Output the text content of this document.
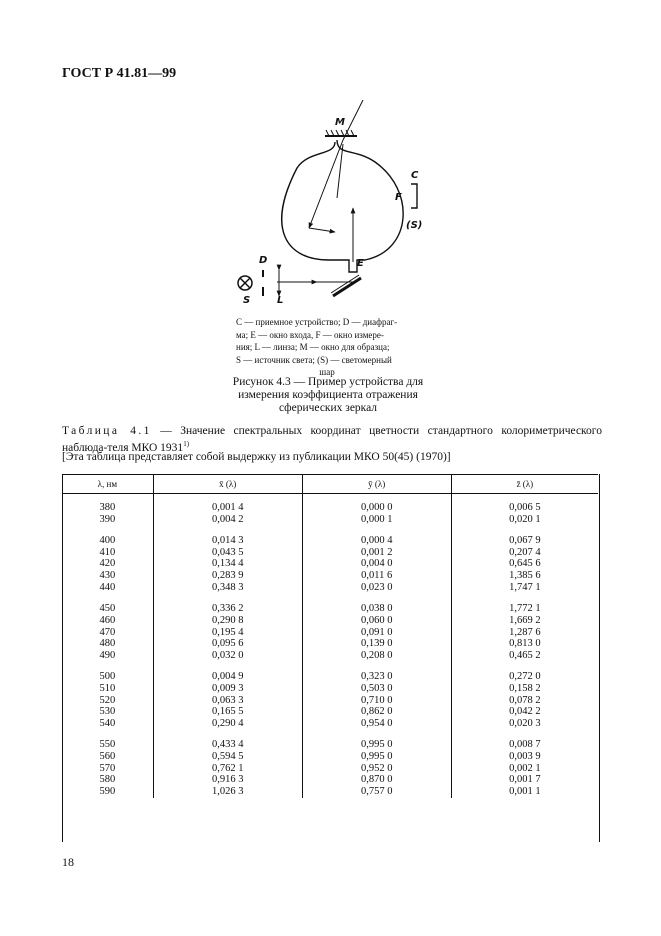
ГОСТ Р 41.81—99
M
C
F
(S)
D	E
S	L
C — приемное устройство; D — диафраг-
ма; E — окно входа, F — окно измере-
ния; L — линза; M — окно для образца;
S — источник света; (S) — светомерный
шар
Рисунок 4.3 — Пример устройства для измерения коэффициента отражения сферических зеркал
Таблица 4.1 — Значение спектральных координат цветности стандартного колориметрического наблюда-теля МКО 1931$^{1)}$
[Эта таблица представляет собой выдержку из публикации МКО 50(45) (1970)]
λ, нм	x̄ (λ)	ȳ (λ)	z̄ (λ)
380	0,001 4	0,000 0	0,006 5
390	0,004 2	0,000 1	0,020 1

400	0,014 3	0,000 4	0,067 9
410	0,043 5	0,001 2	0,207 4
420	0,134 4	0,004 0	0,645 6
430	0,283 9	0,011 6	1,385 6
440	0,348 3	0,023 0	1,747 1

450	0,336 2	0,038 0	1,772 1
460	0,290 8	0,060 0	1,669 2
470	0,195 4	0,091 0	1,287 6
480	0,095 6	0,139 0	0,813 0
490	0,032 0	0,208 0	0,465 2

500	0,004 9	0,323 0	0,272 0
510	0,009 3	0,503 0	0,158 2
520	0,063 3	0,710 0	0,078 2
530	0,165 5	0,862 0	0,042 2
540	0,290 4	0,954 0	0,020 3

550	0,433 4	0,995 0	0,008 7
560	0,594 5	0,995 0	0,003 9
570	0,762 1	0,952 0	0,002 1
580	0,916 3	0,870 0	0,001 7
590	1,026 3	0,757 0	0,001 1
18
